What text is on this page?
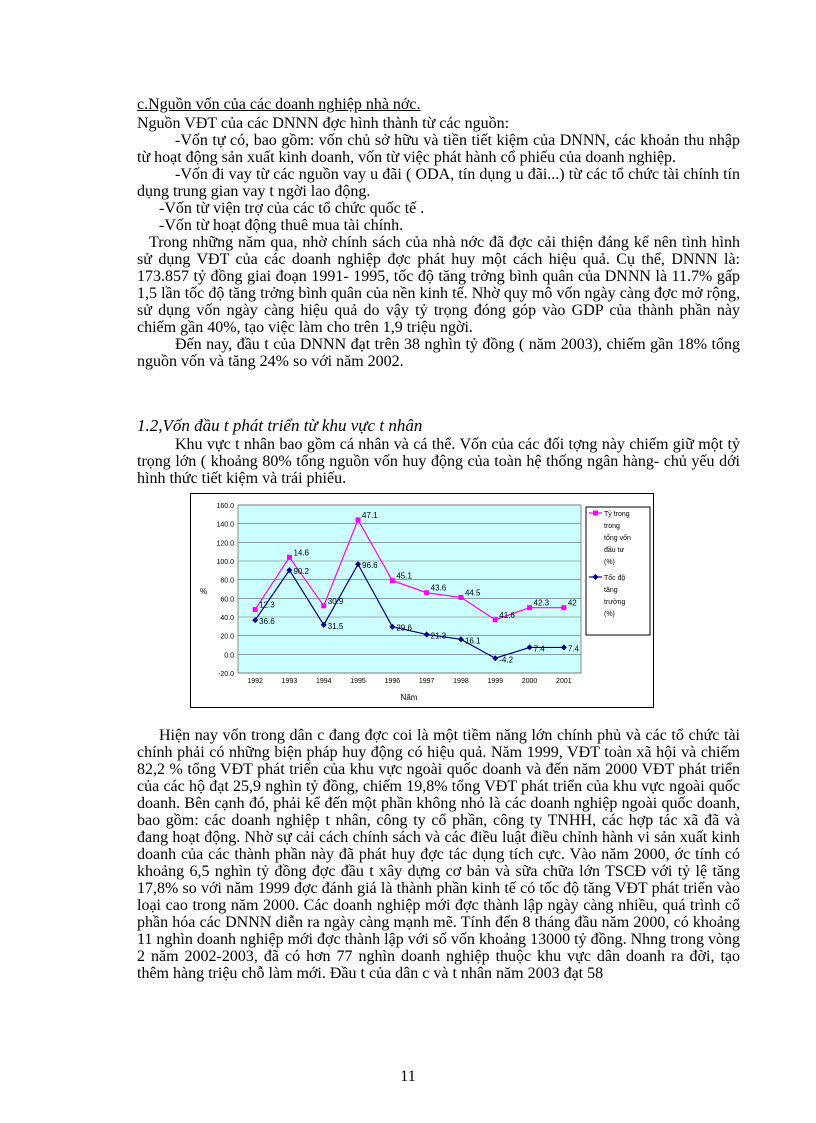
c.Nguồn vốn của các doanh nghiệp nhà nớc.

Nguồn VĐT của các DNNN đợc hình thành từ các nguồn:

-Vốn tự có, bao gồm: vốn chủ sở hữu và tiền tiết kiệm của DNNN, các khoản thu nhập từ hoạt động sản xuất kinh doanh, vốn từ việc phát hành cổ phiếu của doanh nghiệp.

-Vốn đi vay từ các nguồn vay u đãi ( ODA, tín dụng u đãi...) từ các tổ chức tài chính tín dụng trung gian vay t ngời lao động.

-Vốn từ viện trợ của các tổ chức quốc tế .

-Vốn từ hoạt động thuê mua tài chính.

Trong những năm qua, nhờ chính sách của nhà nớc đã đợc cải thiện đáng kể nên tình hình sử dụng VĐT của các doanh nghiệp đợc phát huy một cách hiệu quả. Cụ thể, DNNN là: 173.857 tỷ đồng giai đoạn 1991- 1995, tốc độ tăng trởng bình quân của DNNN là 11.7% gấp 1,5 lần tốc độ tăng trởng bình quân của nền kinh tế. Nhờ quy mô vốn ngày càng đợc mở rộng, sử dụng vốn ngày càng hiệu quả do vậy tỷ trọng đóng góp vào GDP của thành phần này chiếm gần 40%, tạo việc làm cho trên 1,9 triệu ngời.

Đến nay, đầu t của DNNN đạt trên 38 nghìn tỷ đồng ( năm 2003), chiếm gần 18% tổng nguồn vốn và tăng 24% so với năm 2002.

1.2,Vốn đầu t phát triển từ khu vực t nhân

Khu vực t nhân bao gồm cá nhân và cá thể. Vốn của các đối tợng này chiếm giữ một tỷ trọng lớn ( khoảng 80% tổng nguồn vốn huy động của toàn hệ thống ngân hàng- chủ yếu dới hình thức tiết kiệm và trái phiếu.

-20.0
0.0
20.0
40.0
60.0
80.0
100.0
120.0
140.0
160.0
1992	1993	1994	1995	1996	1997	1998	1999	2000	2001
12.3
14.6
30.9
47.1
45.1
43.6
44.5
41.6
42.3 42
36.6
90.2
31.5
96.6
29.6
21.3
16.1
-4.2
7.4	7.4
%
Năm
Tỷ trọng
trong
tổng vốn
đầu tư
(%)
Tốc độ
tăng
trưởng
(%)

Hiện nay vốn trong dân c đang đợc coi là một tiềm năng lớn chính phủ và các tổ chức tài chính phải có những biện pháp huy động có hiệu quả. Năm 1999, VĐT toàn xã hội và chiếm 82,2 % tổng VĐT phát triển của khu vực ngoài quốc doanh và đến năm 2000 VĐT phát triển của các hộ đạt 25,9 nghìn tỷ đồng, chiếm 19,8% tổng VĐT phát triển của khu vực ngoài quốc doanh. Bên cạnh đó, phải kể đến một phần không nhỏ là các doanh nghiệp ngoài quốc doanh, bao gồm: các doanh nghiệp t nhân, công ty cổ phần, công ty TNHH, các hợp tác xã đã và đang hoạt động. Nhờ sự cải cách chính sách và các điều luật điều chỉnh hành vi sản xuất kinh doanh của các thành phần này đã phát huy đợc tác dụng tích cực. Vào năm 2000, ớc tính có khoảng 6,5 nghìn tỷ đồng đợc đầu t xây dựng cơ bản và sữa chữa lớn TSCĐ với tỷ lệ tăng 17,8% so với năm 1999 đợc đánh giá là thành phần kinh tế có tốc độ tăng VĐT phát triển vào loại cao trong năm 2000. Các doanh nghiệp mới đợc thành lập ngày càng nhiều, quá trình cổ phần hóa các DNNN diễn ra ngày càng mạnh mẽ. Tính đến 8 tháng đầu năm 2000, có khoảng 11 nghìn doanh nghiệp mới đợc thành lập với số vốn khoảng 13000 tỷ đồng. Nhng trong vòng 2 năm 2002-2003, đã có hơn 77 nghìn doanh nghiệp thuộc khu vực dân doanh ra đời, tạo thêm hàng triệu chỗ làm mới. Đầu t của dân c và t nhân năm 2003 đạt 58

11
